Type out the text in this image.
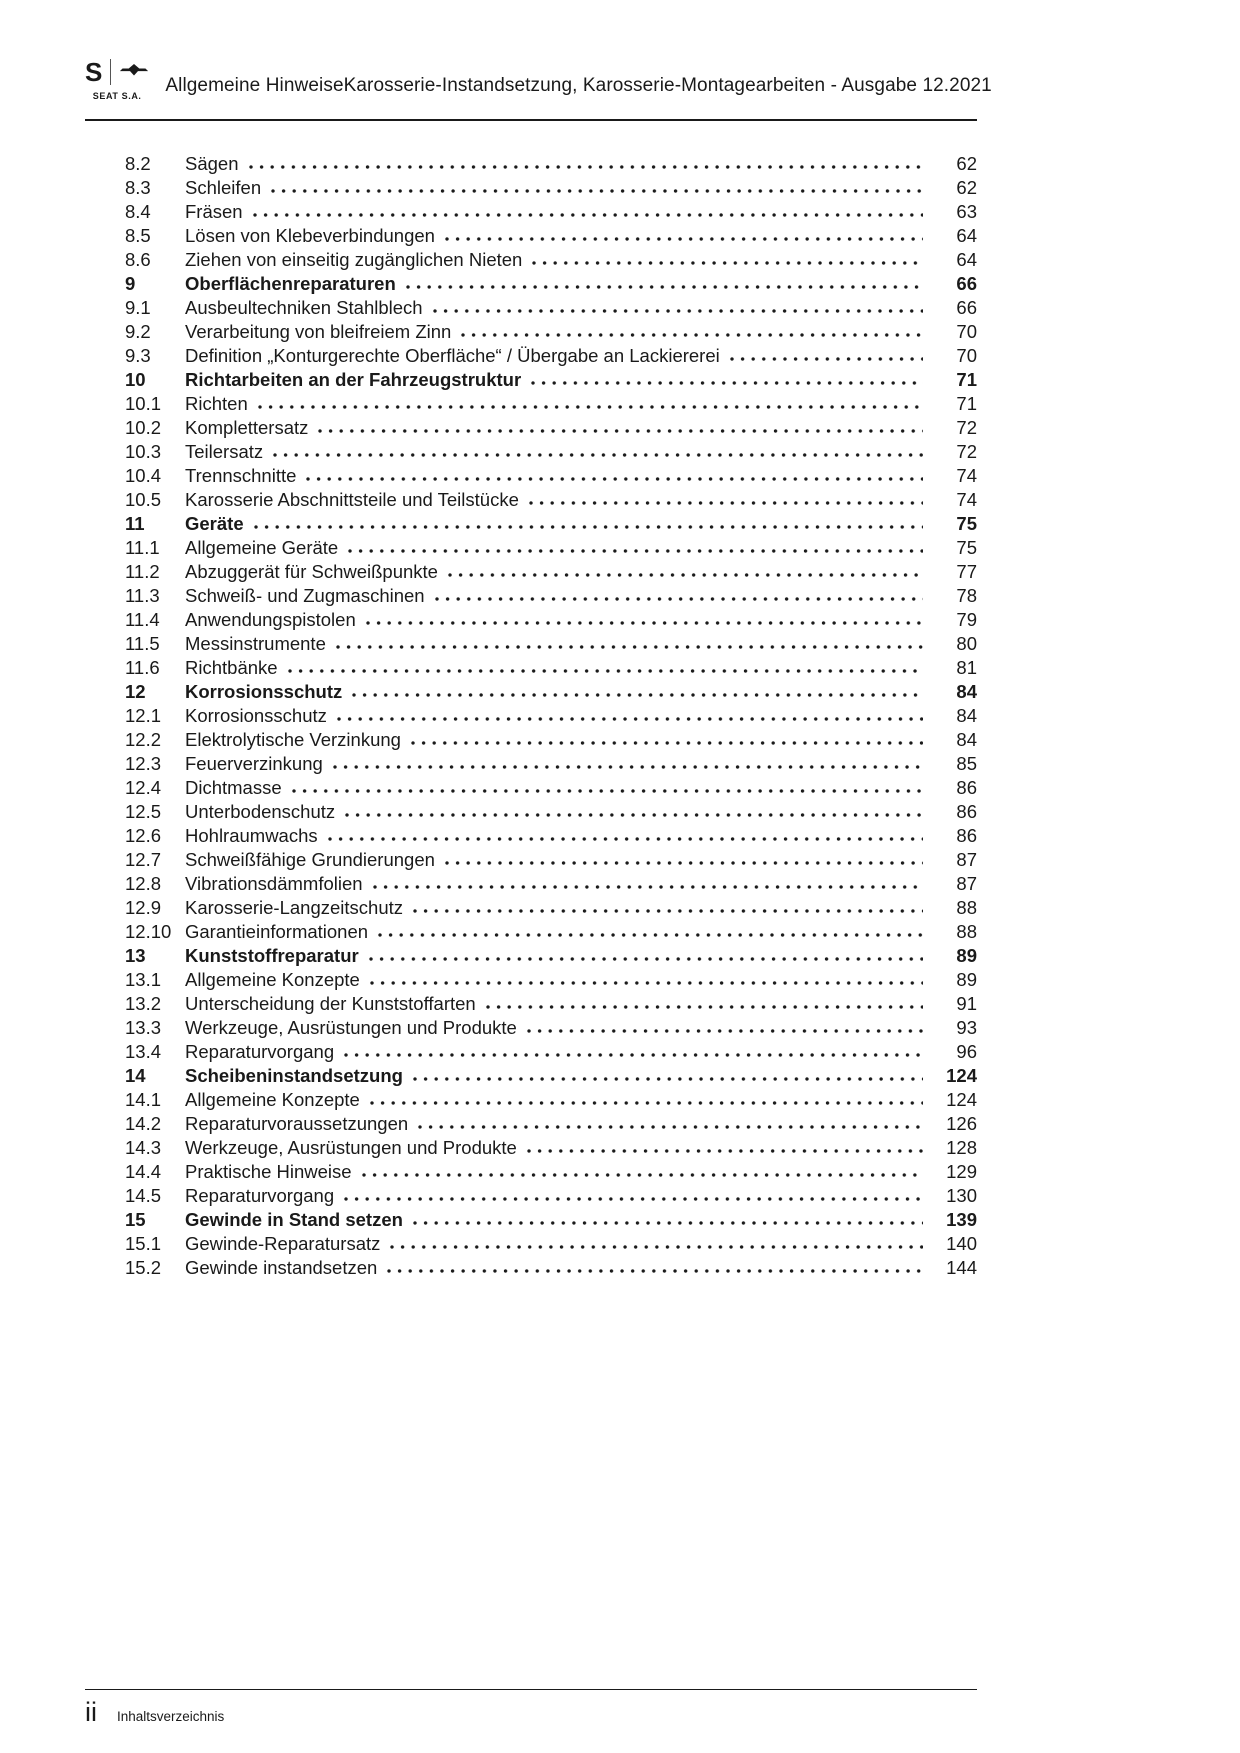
S
SEAT S.A. Allgemeine HinweiseKarosserie-Instandsetzung, Karosserie-Montagearbeiten - Ausgabe 12.2021
8.2	Sägen	62
8.3	Schleifen	62
8.4	Fräsen	63
8.5	Lösen von Klebeverbindungen	64
8.6	Ziehen von einseitig zugänglichen Nieten	64
9	Oberflächenreparaturen	66
9.1	Ausbeultechniken Stahlblech	66
9.2	Verarbeitung von bleifreiem Zinn	70
9.3	Definition „Konturgerechte Oberfläche“ / Übergabe an Lackiererei	70
10	Richtarbeiten an der Fahrzeugstruktur	71
10.1	Richten	71
10.2	Komplettersatz	72
10.3	Teilersatz	72
10.4	Trennschnitte	74
10.5	Karosserie Abschnittsteile und Teilstücke	74
11	Geräte	75
11.1	Allgemeine Geräte	75
11.2	Abzuggerät für Schweißpunkte	77
11.3	Schweiß- und Zugmaschinen	78
11.4	Anwendungspistolen	79
11.5	Messinstrumente	80
11.6	Richtbänke	81
12	Korrosionsschutz	84
12.1	Korrosionsschutz	84
12.2	Elektrolytische Verzinkung	84
12.3	Feuerverzinkung	85
12.4	Dichtmasse	86
12.5	Unterbodenschutz	86
12.6	Hohlraumwachs	86
12.7	Schweißfähige Grundierungen	87
12.8	Vibrationsdämmfolien	87
12.9	Karosserie-Langzeitschutz	88
12.10 Garantieinformationen	88
13	Kunststoffreparatur	89
13.1	Allgemeine Konzepte	89
13.2	Unterscheidung der Kunststoffarten	91
13.3	Werkzeuge, Ausrüstungen und Produkte	93
13.4	Reparaturvorgang	96
14	Scheibeninstandsetzung	124
14.1	Allgemeine Konzepte	124
14.2	Reparaturvoraussetzungen	126
14.3	Werkzeuge, Ausrüstungen und Produkte	128
14.4	Praktische Hinweise	129
14.5	Reparaturvorgang	130
15	Gewinde in Stand setzen	139
15.1	Gewinde-Reparatursatz	140
15.2	Gewinde instandsetzen	144
ii Inhaltsverzeichnis
